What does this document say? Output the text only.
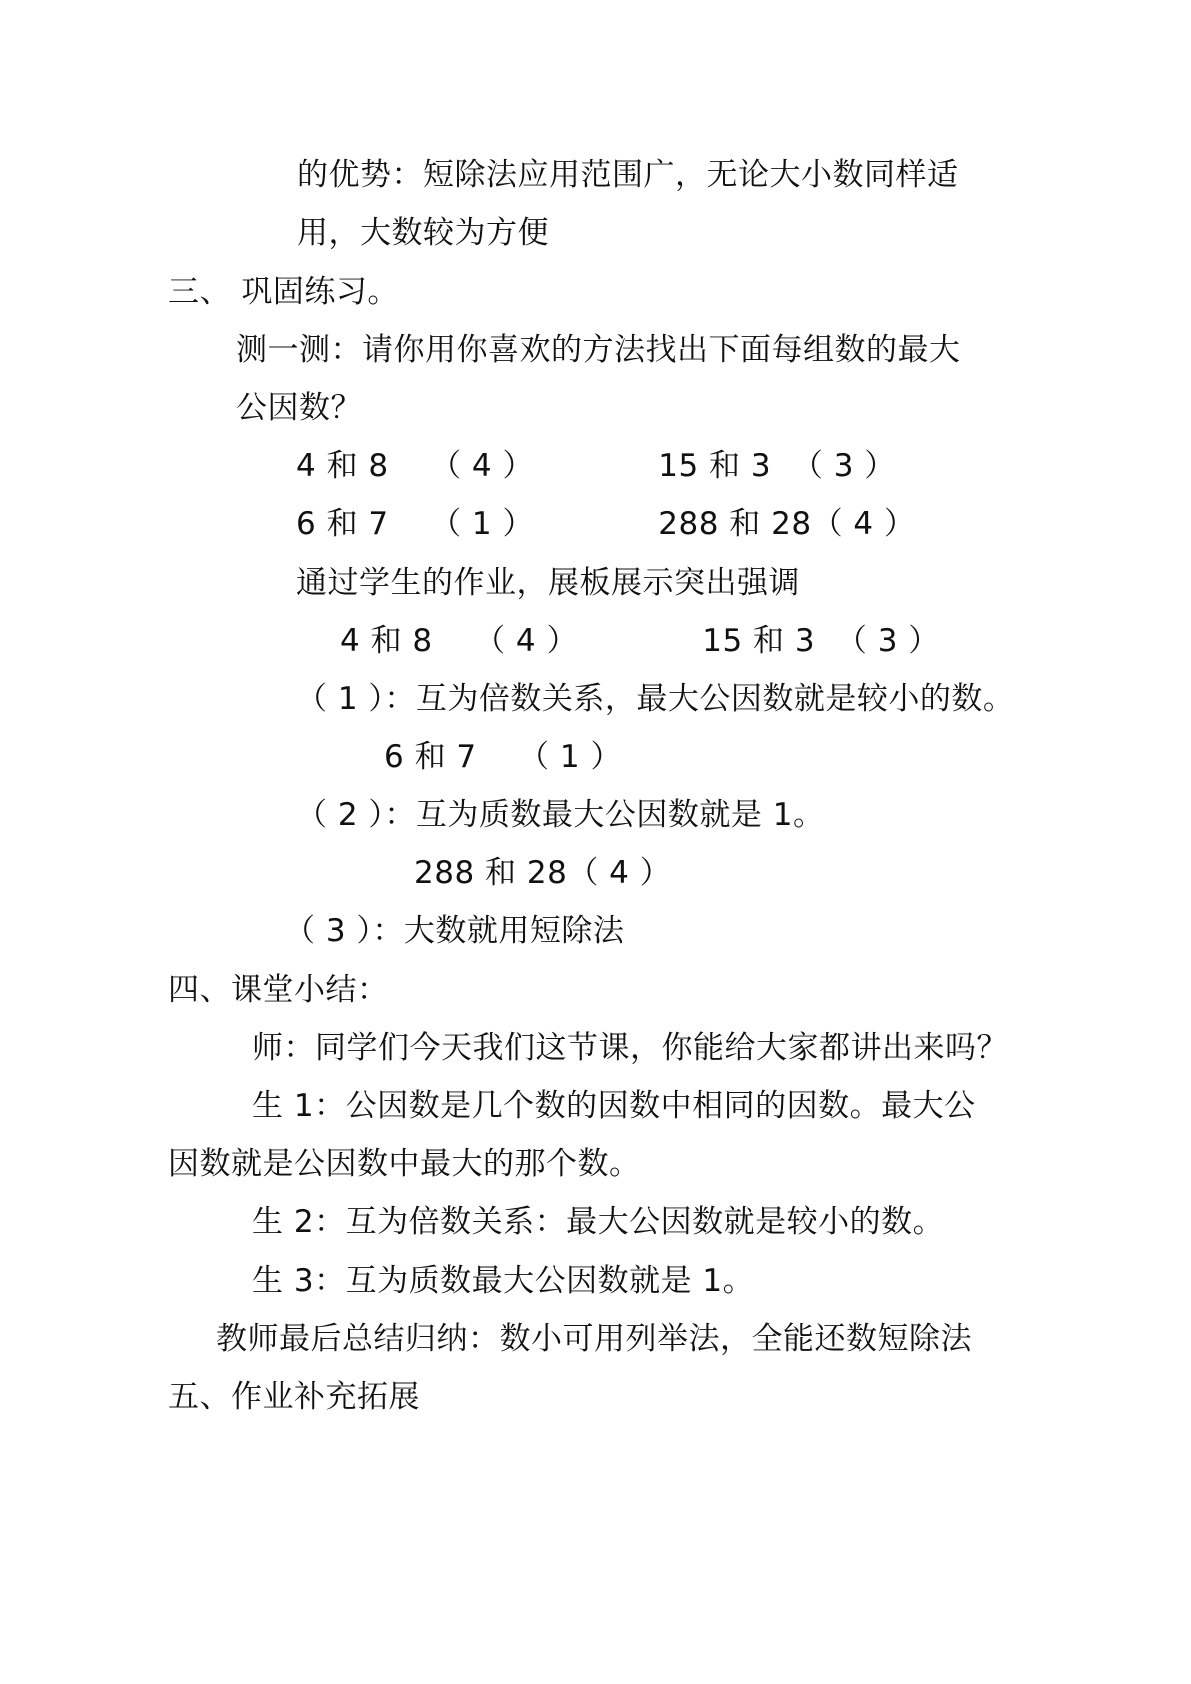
的优势：短除法应用范围广，无论大小数同样适
用，大数较为方便
三、 巩固练习。
测一测：请你用你喜欢的方法找出下面每组数的最大
公因数？
4 和 8    （ 4 ）            15 和 3  （ 3 ）
6 和 7    （ 1 ）            288 和 28（ 4 ）
通过学生的作业，展板展示突出强调
4 和 8    （ 4 ）            15 和 3  （ 3 ）
（ 1 ）：互为倍数关系，最大公因数就是较小的数。
6 和 7    （ 1 ）
（ 2 ）：互为质数最大公因数就是 1。
288 和 28（ 4 ）
（ 3 ）：大数就用短除法
四、课堂小结：
师：同学们今天我们这节课，你能给大家都讲出来吗？
生 1：公因数是几个数的因数中相同的因数。最大公
因数就是公因数中最大的那个数。
生 2：互为倍数关系：最大公因数就是较小的数。
生 3：互为质数最大公因数就是 1。
教师最后总结归纳：数小可用列举法，全能还数短除法
五、作业补充拓展
